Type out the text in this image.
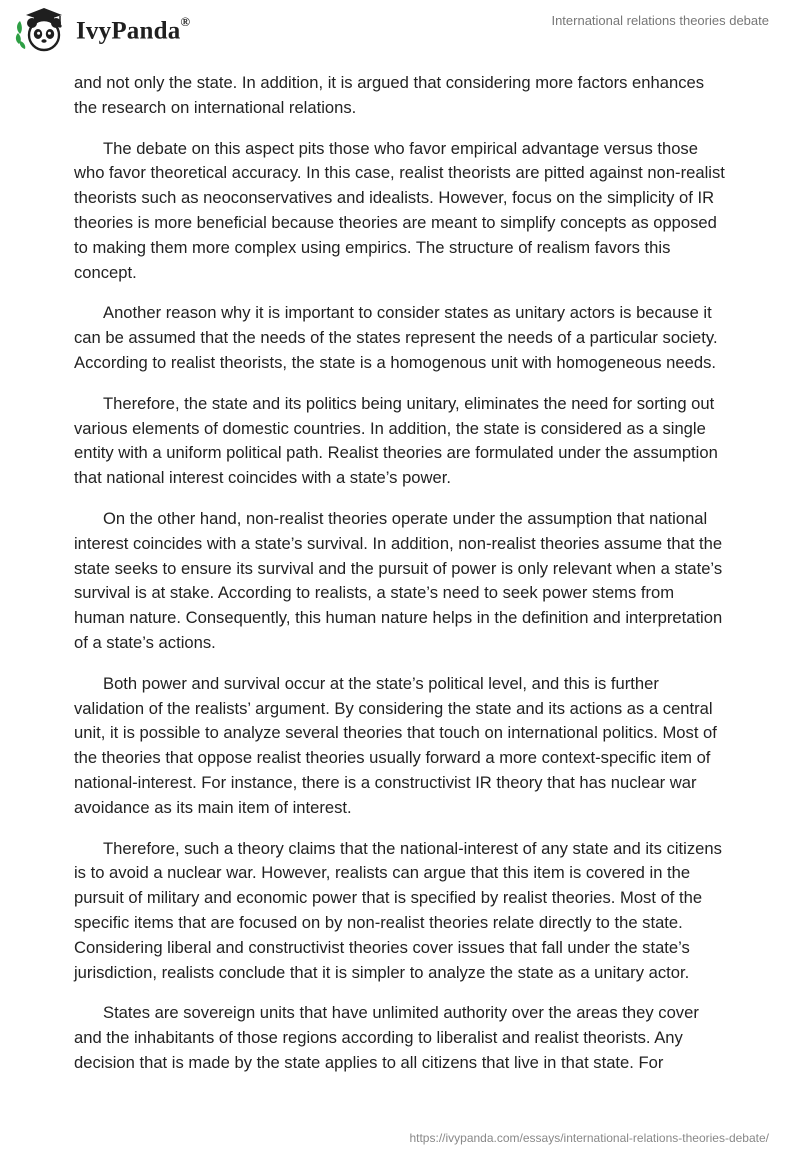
IvyPanda®	International relations theories debate

and not only the state. In addition, it is argued that considering more factors enhances the research on international relations.

The debate on this aspect pits those who favor empirical advantage versus those who favor theoretical accuracy. In this case, realist theorists are pitted against non-realist theorists such as neoconservatives and idealists. However, focus on the simplicity of IR theories is more beneficial because theories are meant to simplify concepts as opposed to making them more complex using empirics. The structure of realism favors this concept.

Another reason why it is important to consider states as unitary actors is because it can be assumed that the needs of the states represent the needs of a particular society. According to realist theorists, the state is a homogenous unit with homogeneous needs.

Therefore, the state and its politics being unitary, eliminates the need for sorting out various elements of domestic countries. In addition, the state is considered as a single entity with a uniform political path. Realist theories are formulated under the assumption that national interest coincides with a state’s power.

On the other hand, non-realist theories operate under the assumption that national interest coincides with a state’s survival. In addition, non-realist theories assume that the state seeks to ensure its survival and the pursuit of power is only relevant when a state’s survival is at stake. According to realists, a state’s need to seek power stems from human nature. Consequently, this human nature helps in the definition and interpretation of a state’s actions.

Both power and survival occur at the state’s political level, and this is further validation of the realists’ argument. By considering the state and its actions as a central unit, it is possible to analyze several theories that touch on international politics. Most of the theories that oppose realist theories usually forward a more context-specific item of national-interest. For instance, there is a constructivist IR theory that has nuclear war avoidance as its main item of interest.

Therefore, such a theory claims that the national-interest of any state and its citizens is to avoid a nuclear war. However, realists can argue that this item is covered in the pursuit of military and economic power that is specified by realist theories. Most of the specific items that are focused on by non-realist theories relate directly to the state. Considering liberal and constructivist theories cover issues that fall under the state’s jurisdiction, realists conclude that it is simpler to analyze the state as a unitary actor.

States are sovereign units that have unlimited authority over the areas they cover and the inhabitants of those regions according to liberalist and realist theorists. Any decision that is made by the state applies to all citizens that live in that state. For

https://ivypanda.com/essays/international-relations-theories-debate/
